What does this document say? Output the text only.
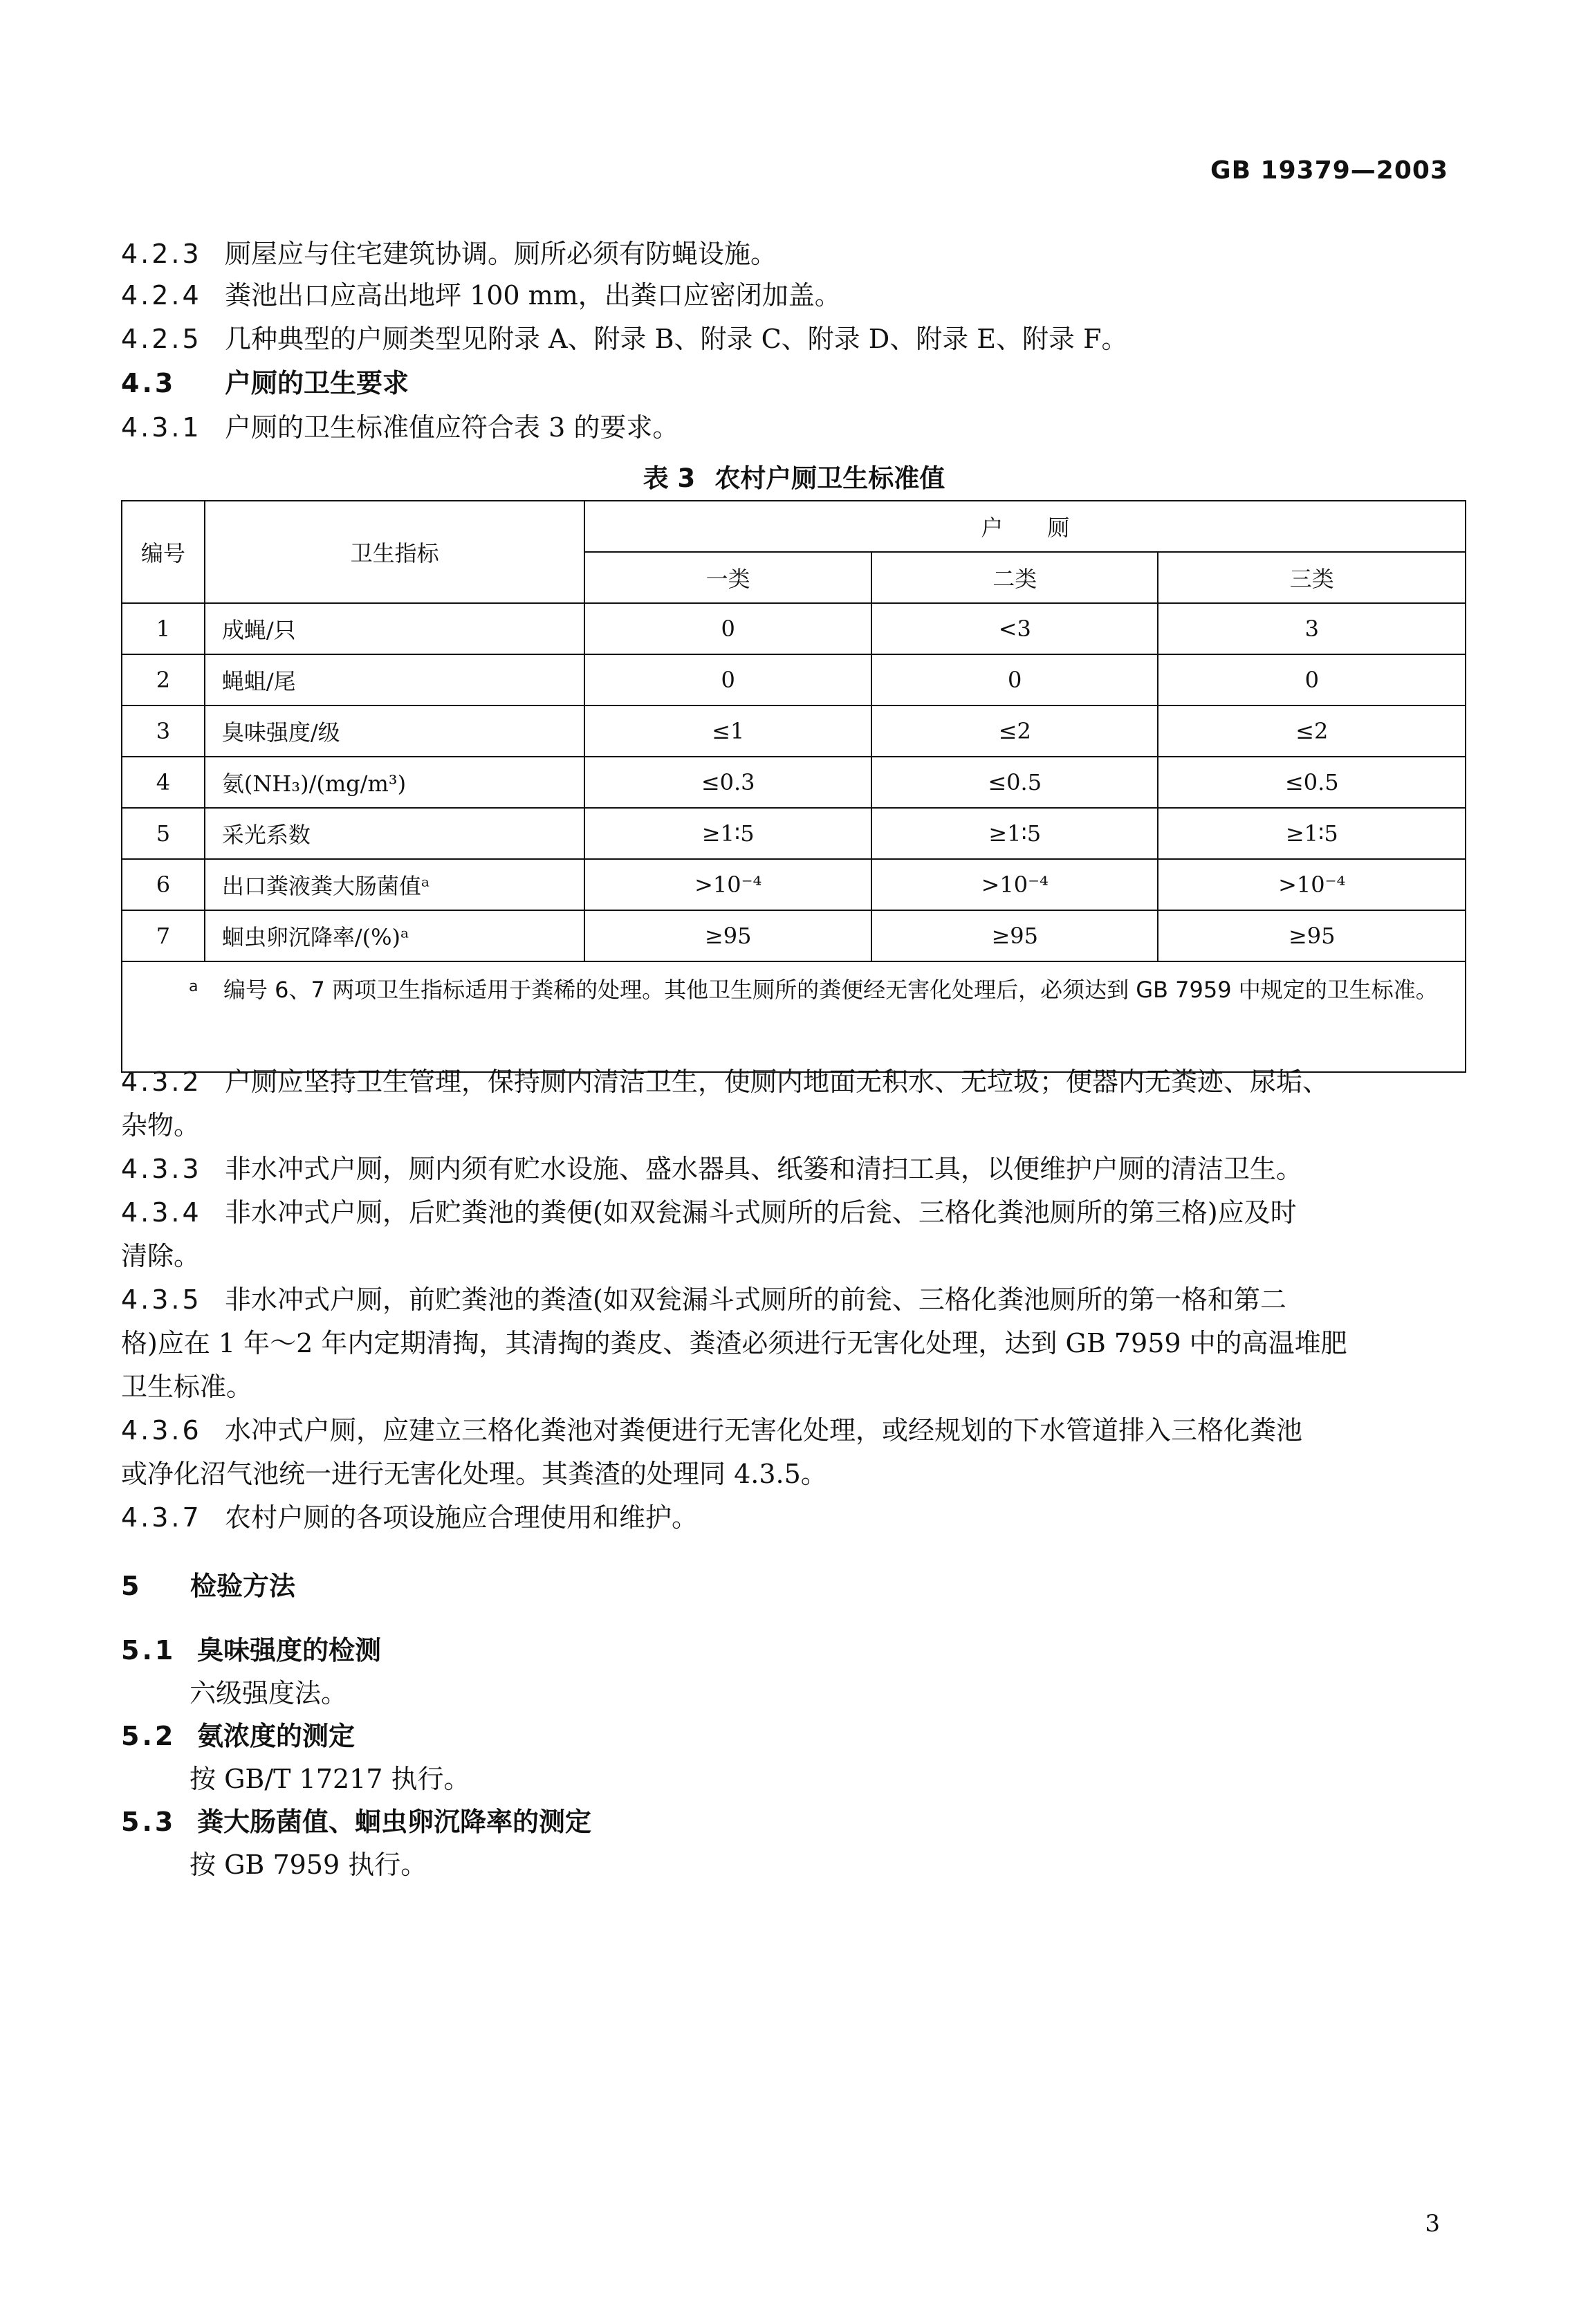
GB 19379—2003
4.2.3 厕屋应与住宅建筑协调。厕所必须有防蝇设施。
4.2.4 粪池出口应高出地坪 100 mm，出粪口应密闭加盖。
4.2.5 几种典型的户厕类型见附录 A、附录 B、附录 C、附录 D、附录 E、附录 F。
4.3 户厕的卫生要求
4.3.1 户厕的卫生标准值应符合表 3 的要求。
表 3 农村户厕卫生标准值
编号	卫生指标	户　　厕		
		一类	二类	三类
1	成蝇/只	0	<3	3
2	蝇蛆/尾	0	0	0
3	臭味强度/级	≤1	≤2	≤2
4	氨(NH₃)/(mg/m³)	≤0.3	≤0.5	≤0.5
5	采光系数	≥1∶5	≥1∶5	≥1∶5
6	出口粪液粪大肠菌值ᵃ	>10⁻⁴	>10⁻⁴	>10⁻⁴
7	蛔虫卵沉降率/(%)ᵃ	≥95	≥95	≥95

a 编号 6、7 两项卫生指标适用于粪稀的处理。其他卫生厕所的粪便经无害化处理后，必须达到 GB 7959 中规定的卫生标准。				
4.3.2 户厕应坚持卫生管理，保持厕内清洁卫生，使厕内地面无积水、无垃圾；便器内无粪迹、尿垢、
杂物。
4.3.3 非水冲式户厕，厕内须有贮水设施、盛水器具、纸篓和清扫工具，以便维护户厕的清洁卫生。
4.3.4 非水冲式户厕，后贮粪池的粪便(如双瓮漏斗式厕所的后瓮、三格化粪池厕所的第三格)应及时
清除。
4.3.5 非水冲式户厕，前贮粪池的粪渣(如双瓮漏斗式厕所的前瓮、三格化粪池厕所的第一格和第二
格)应在 1 年～2 年内定期清掏，其清掏的粪皮、粪渣必须进行无害化处理，达到 GB 7959 中的高温堆肥
卫生标准。
4.3.6 水冲式户厕，应建立三格化粪池对粪便进行无害化处理，或经规划的下水管道排入三格化粪池
或净化沼气池统一进行无害化处理。其粪渣的处理同 4.3.5。
4.3.7 农村户厕的各项设施应合理使用和维护。
5 检验方法
5.1 臭味强度的检测
六级强度法。
5.2 氨浓度的测定
按 GB/T 17217 执行。
5.3 粪大肠菌值、蛔虫卵沉降率的测定
按 GB 7959 执行。
3
